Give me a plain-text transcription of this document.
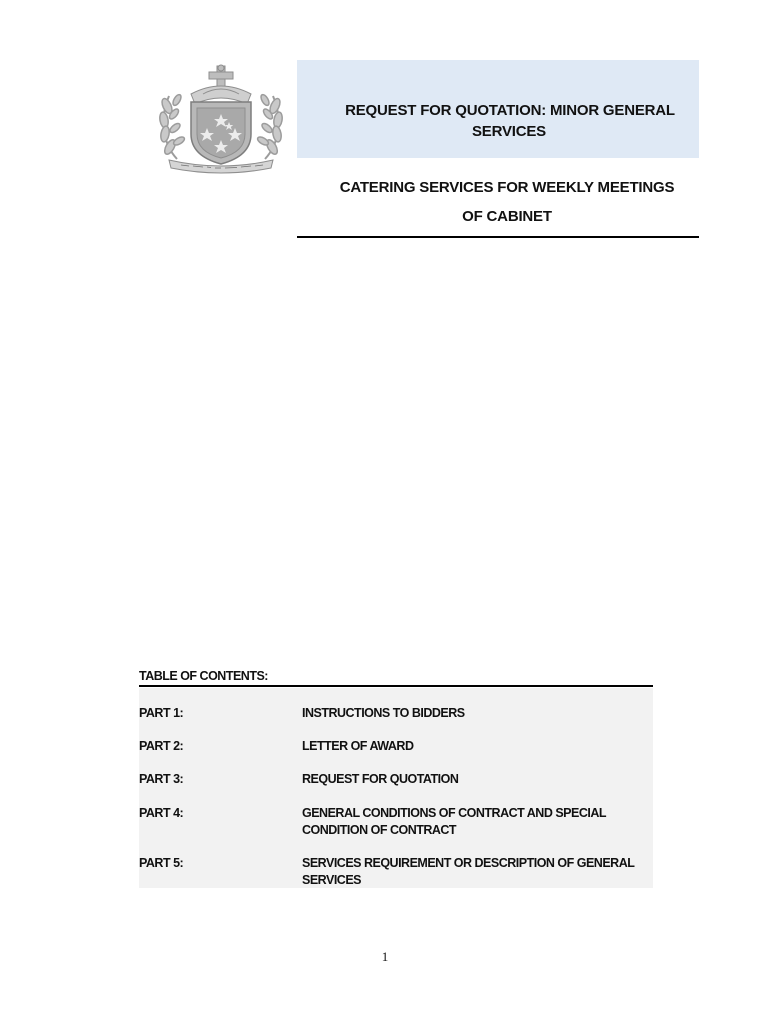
REQUEST FOR QUOTATION: MINOR GENERAL
SERVICES
CATERING SERVICES FOR WEEKLY MEETINGS
OF CABINET
TABLE OF CONTENTS:
PART 1:	INSTRUCTIONS TO BIDDERS
PART 2:	LETTER OF AWARD
PART 3:	REQUEST FOR QUOTATION
PART 4:	GENERAL CONDITIONS OF CONTRACT AND SPECIAL CONDITION OF CONTRACT
PART 5:	SERVICES REQUIREMENT OR DESCRIPTION OF GENERAL SERVICES
1
